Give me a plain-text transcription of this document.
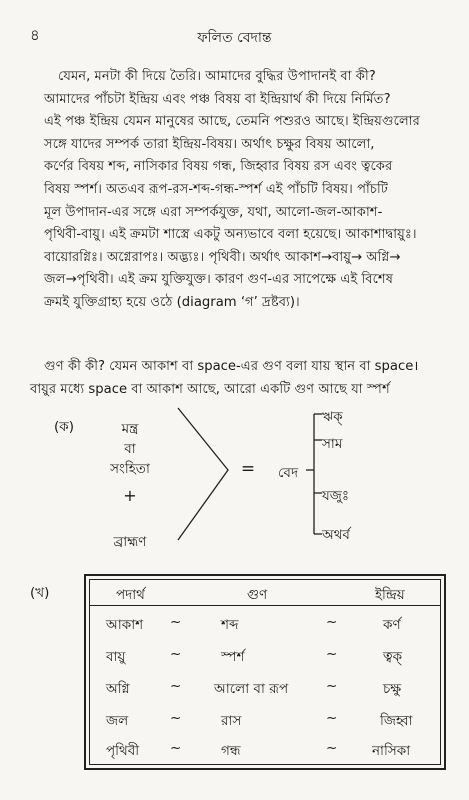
৪	ফলিত বেদান্ত
যেমন, মনটা কী দিয়ে তৈরি। আমাদের বুদ্ধির উপাদানই বা কী?
আমাদের পাঁচটা ইন্দ্রিয় এবং পঞ্চ বিষয় বা ইন্দ্রিয়ার্থ কী দিয়ে নির্মিত?
এই পঞ্চ ইন্দ্রিয় যেমন মানুষের আছে, তেমনি পশুরও আছে। ইন্দ্রিয়গুলোর
সঙ্গে যাদের সম্পর্ক তারা ইন্দ্রিয়-বিষয়। অর্থাৎ চক্ষুর বিষয় আলো,
কর্ণের বিষয় শব্দ, নাসিকার বিষয় গন্ধ, জিহ্বার বিষয় রস এবং ত্বকের
বিষয় স্পর্শ। অতএব রূপ-রস-শব্দ-গন্ধ-স্পর্শ এই পাঁচটি বিষয়। পাঁচটি
মূল উপাদান-এর সঙ্গে এরা সম্পর্কযুক্ত, যথা, আলো-জল-আকাশ-
পৃথিবী-বায়ু। এই ক্রমটা শাস্ত্রে একটু অন্যভাবে বলা হয়েছে। আকাশাদ্বায়ুঃ।
বায়োরগ্নিঃ। অগ্নেরাপঃ। অদ্ভ্যঃ। পৃথিবী। অর্থাৎ আকাশ→বায়ু→ অগ্নি→
জল→পৃথিবী। এই ক্রম যুক্তিযুক্ত। কারণ গুণ-এর সাপেক্ষে এই বিশেষ
ক্রমই যুক্তিগ্রাহ্য হয়ে ওঠে (diagram ‘গ’ দ্রষ্টব্য)।
গুণ কী কী? যেমন আকাশ বা space-এর গুণ বলা যায় স্থান বা space।
বায়ুর মধ্যে space বা আকাশ আছে, আরো একটি গুণ আছে যা স্পর্শ
(ক)	মন্ত্র
বা
সংহিতা
+
ব্রাহ্মণ
=	বেদ
ঋক্
সাম
যজুঃ
অথর্ব
(খ)	পদার্থ	গুণ	ইন্দ্রিয়
আকাশ ~	শব্দ	~	কর্ণ
বায়ু	~	স্পর্শ	~	ত্বক্
অগ্নি	~ আলো বা রূপ	~	চক্ষু
জল	~	রাস	~	জিহ্বা
পৃথিবী ~	গন্ধ	~	নাসিকা
